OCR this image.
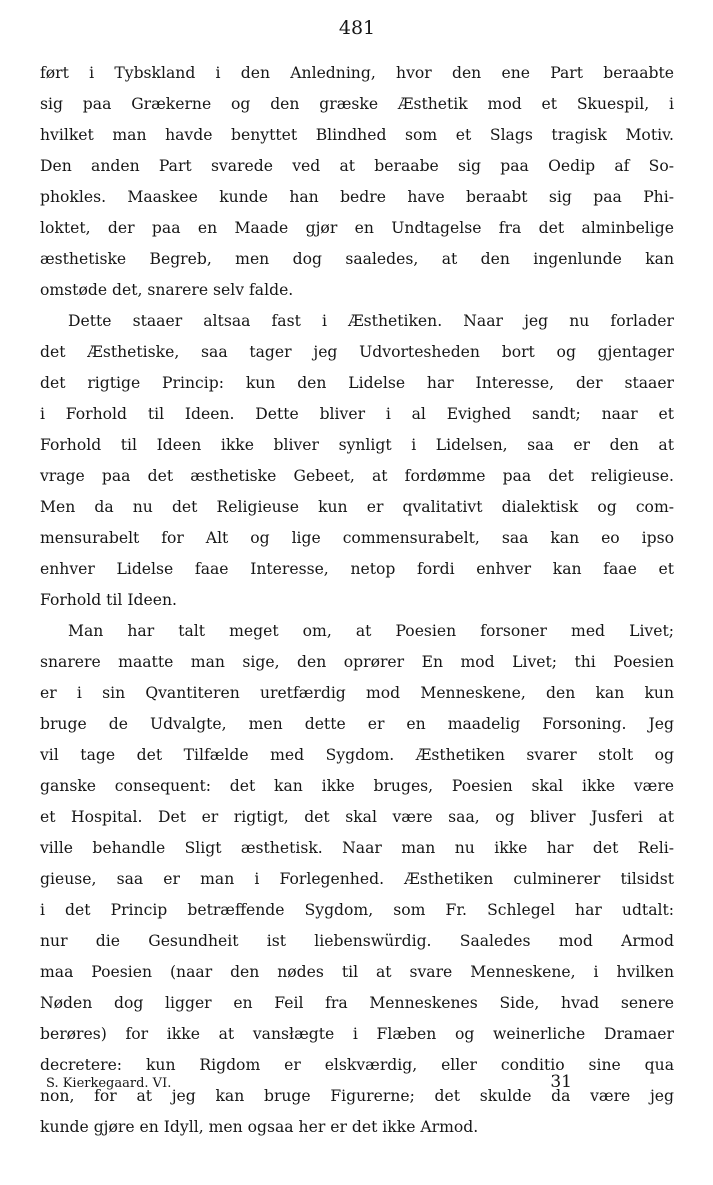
481
ført i Tybskland i den Anledning, hvor den ene Part beraabte
sig paa Grækerne og den græske Æsthetik mod et Skuespil, i
hvilket man havde benyttet Blindhed som et Slags tragisk Motiv.
Den anden Part svarede ved at beraabe sig paa Oedip af So-
phokles. Maaskee kunde han bedre have beraabt sig paa Phi-
loktet, der paa en Maade gjør en Undtagelse fra det alminbelige
æsthetiske Begreb, men dog saaledes, at den ingenlunde kan
omstøde det, snarere selv falde.
Dette staaer altsaa fast i Æsthetiken. Naar jeg nu forlader
det Æsthetiske, saa tager jeg Udvortesheden bort og gjentager
det rigtige Princip: kun den Lidelse har Interesse, der staaer
i Forhold til Ideen. Dette bliver i al Evighed sandt; naar et
Forhold til Ideen ikke bliver synligt i Lidelsen, saa er den at
vrage paa det æsthetiske Gebeet, at fordømme paa det religieuse.
Men da nu det Religieuse kun er qvalitativt dialektisk og com-
mensurabelt for Alt og lige commensurabelt, saa kan eo ipso
enhver Lidelse faae Interesse, netop fordi enhver kan faae et
Forhold til Ideen.
Man har talt meget om, at Poesien forsoner med Livet;
snarere maatte man sige, den oprører En mod Livet; thi Poesien
er i sin Qvantiteren uretfærdig mod Menneskene, den kan kun
bruge de Udvalgte, men dette er en maadelig Forsoning. Jeg
vil tage det Tilfælde med Sygdom. Æsthetiken svarer stolt og
ganske consequent: det kan ikke bruges, Poesien skal ikke være
et Hospital. Det er rigtigt, det skal være saa, og bliver Jusferi at
ville behandle Sligt æsthetisk. Naar man nu ikke har det Reli-
gieuse, saa er man i Forlegenhed. Æsthetiken culminerer tilsidst
i det Princip betræffende Sygdom, som Fr. Schlegel har udtalt:
nur die Gesundheit ist liebenswürdig. Saaledes mod Armod
maa Poesien (naar den nødes til at svare Menneskene, i hvilken
Nøden dog ligger en Feil fra Menneskenes Side, hvad senere
berøres) for ikke at vansłægte i Flæben og weinerliche Dramaer
decretere: kun Rigdom er elskværdig, eller conditio sine qua
non, for at jeg kan bruge Figurerne; det skulde da være jeg
kunde gjøre en Idyll, men ogsaa her er det ikke Armod.
S. Kierkegaard. VI.	31
